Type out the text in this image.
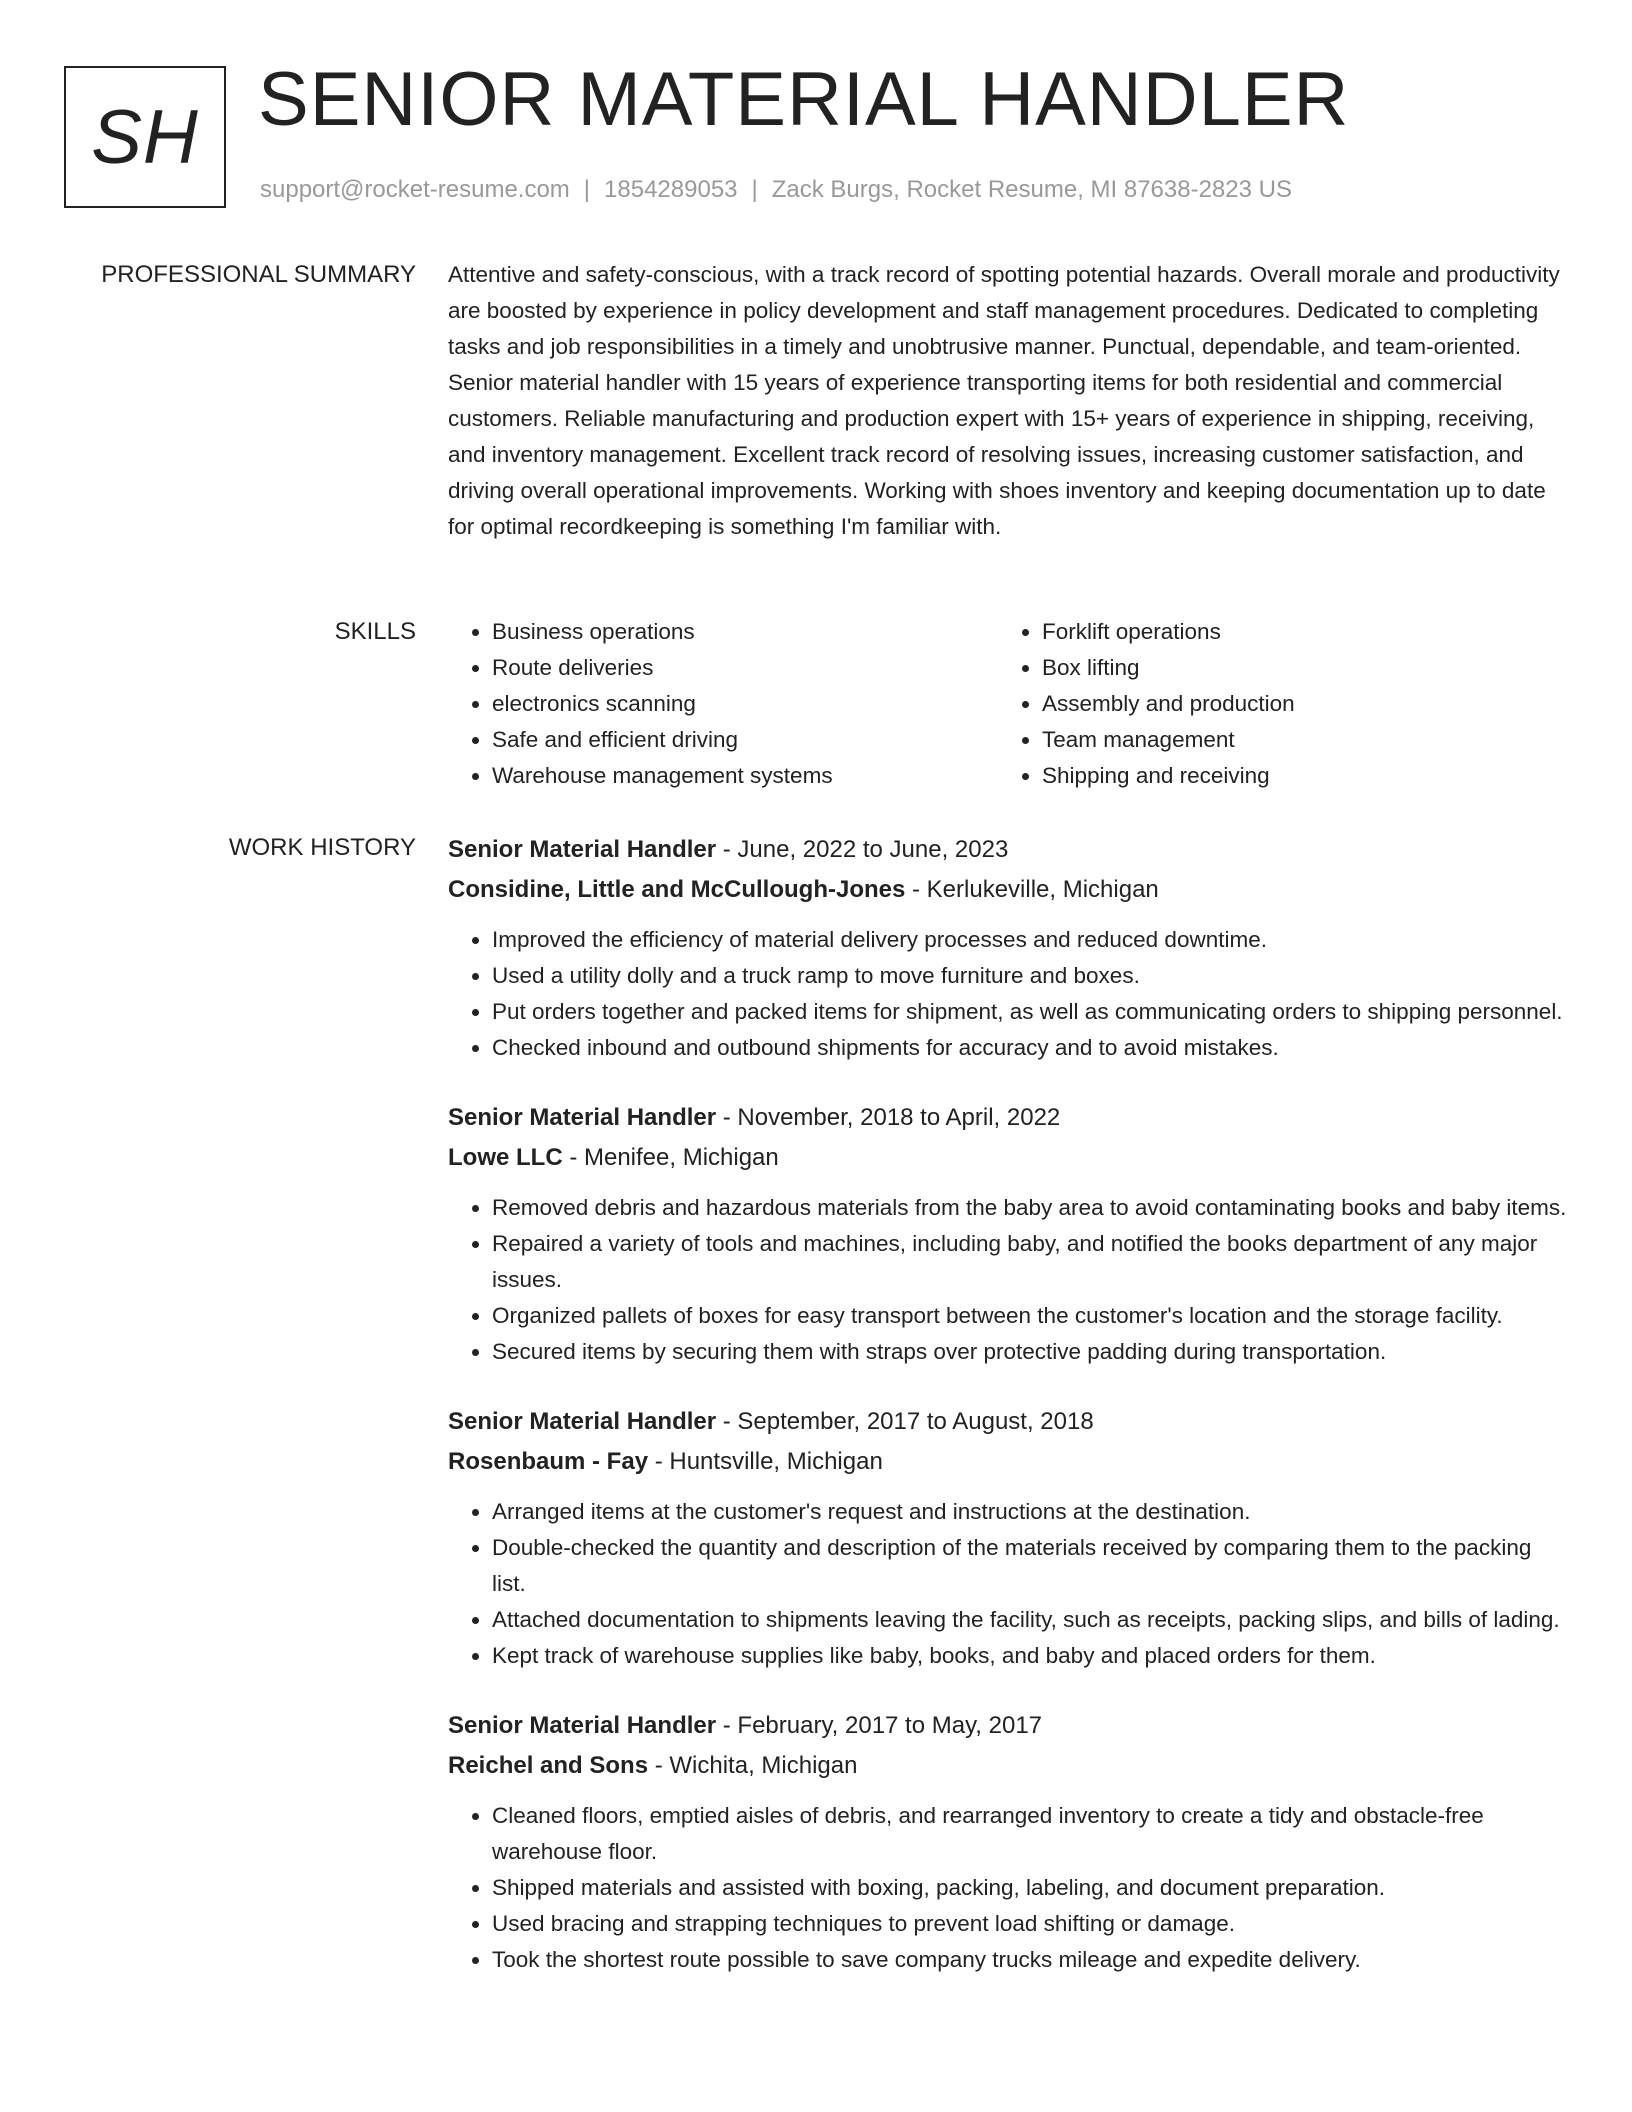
SH SENIOR MATERIAL HANDLER
support@rocket-resume.com | 1854289053 | Zack Burgs, Rocket Resume, MI 87638-2823 US
PROFESSIONAL SUMMARY Attentive and safety-conscious, with a track record of spotting potential hazards. Overall morale and productivity are boosted by experience in policy development and staff management procedures. Dedicated to completing tasks and job responsibilities in a timely and unobtrusive manner. Punctual, dependable, and team-oriented. Senior material handler with 15 years of experience transporting items for both residential and commercial customers. Reliable manufacturing and production expert with 15+ years of experience in shipping, receiving, and inventory management. Excellent track record of resolving issues, increasing customer satisfaction, and driving overall operational improvements. Working with shoes inventory and keeping documentation up to date for optimal recordkeeping is something I'm familiar with.

SKILLS
•	Business operations
• Route deliveries
• electronics scanning
• Safe and efficient driving
• Warehouse management systems
• Forklift operations
• Box lifting
• Assembly and production
• Team management
• Shipping and receiving
WORK HISTORY Senior Material Handler - June, 2022 to June, 2023
Considine, Little and McCullough-Jones - Kerlukeville, Michigan
• Improved the efficiency of material delivery processes and reduced downtime.
• Used a utility dolly and a truck ramp to move furniture and boxes.
• Put orders together and packed items for shipment, as well as communicating orders to shipping personnel.
• Checked inbound and outbound shipments for accuracy and to avoid mistakes.
Senior Material Handler - November, 2018 to April, 2022
Lowe LLC - Menifee, Michigan
• Removed debris and hazardous materials from the baby area to avoid contaminating books and baby items.
• Repaired a variety of tools and machines, including baby, and notified the books department of any major issues.
• Organized pallets of boxes for easy transport between the customer's location and the storage facility.
• Secured items by securing them with straps over protective padding during transportation.
Senior Material Handler - September, 2017 to August, 2018
Rosenbaum - Fay - Huntsville, Michigan
• Arranged items at the customer's request and instructions at the destination.
• Double-checked the quantity and description of the materials received by comparing them to the packing list.
• Attached documentation to shipments leaving the facility, such as receipts, packing slips, and bills of lading.
• Kept track of warehouse supplies like baby, books, and baby and placed orders for them.
Senior Material Handler - February, 2017 to May, 2017
Reichel and Sons - Wichita, Michigan
• Cleaned floors, emptied aisles of debris, and rearranged inventory to create a tidy and obstacle-free warehouse floor.
• Shipped materials and assisted with boxing, packing, labeling, and document preparation.
• Used bracing and strapping techniques to prevent load shifting or damage.
• Took the shortest route possible to save company trucks mileage and expedite delivery.
